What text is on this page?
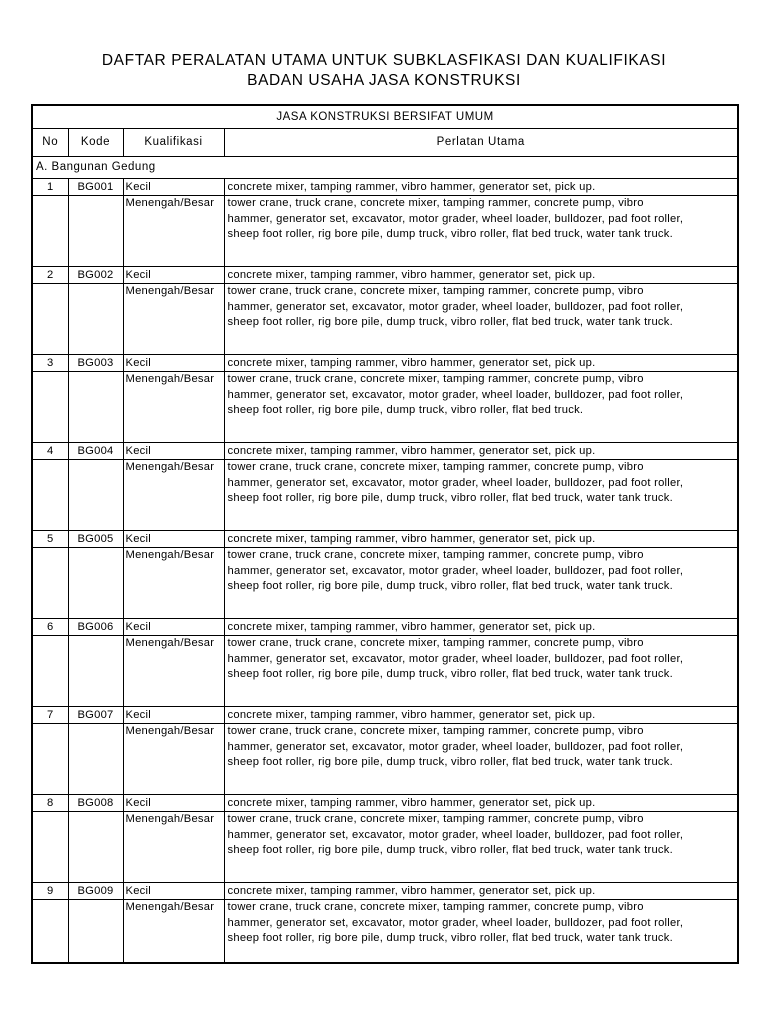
DAFTAR PERALATAN UTAMA UNTUK SUBKLASFIKASI DAN KUALIFIKASI
BADAN USAHA JASA KONSTRUKSI
JASA KONSTRUKSI BERSIFAT UMUM			
No	Kode	Kualifikasi	Perlatan Utama
A. Bangunan Gedung			
1	BG001	Kecil	concrete mixer, tamping rammer, vibro hammer, generator set, pick up.
		Menengah/Besar	tower crane, truck crane, concrete mixer, tamping rammer, concrete pump, vibro
hammer, generator set, excavator, motor grader, wheel loader, bulldozer, pad foot roller,
sheep foot roller, rig bore pile, dump truck, vibro roller, flat bed truck, water tank truck.

2	BG002	Kecil	concrete mixer, tamping rammer, vibro hammer, generator set, pick up.
		Menengah/Besar	tower crane, truck crane, concrete mixer, tamping rammer, concrete pump, vibro
hammer, generator set, excavator, motor grader, wheel loader, bulldozer, pad foot roller,
sheep foot roller, rig bore pile, dump truck, vibro roller, flat bed truck, water tank truck.

3	BG003	Kecil	concrete mixer, tamping rammer, vibro hammer, generator set, pick up.
		Menengah/Besar	tower crane, truck crane, concrete mixer, tamping rammer, concrete pump, vibro
hammer, generator set, excavator, motor grader, wheel loader, bulldozer, pad foot roller,
sheep foot roller, rig bore pile, dump truck, vibro roller, flat bed truck.

4	BG004	Kecil	concrete mixer, tamping rammer, vibro hammer, generator set, pick up.
		Menengah/Besar	tower crane, truck crane, concrete mixer, tamping rammer, concrete pump, vibro
hammer, generator set, excavator, motor grader, wheel loader, bulldozer, pad foot roller,
sheep foot roller, rig bore pile, dump truck, vibro roller, flat bed truck, water tank truck.

5	BG005	Kecil	concrete mixer, tamping rammer, vibro hammer, generator set, pick up.
		Menengah/Besar	tower crane, truck crane, concrete mixer, tamping rammer, concrete pump, vibro
hammer, generator set, excavator, motor grader, wheel loader, bulldozer, pad foot roller,
sheep foot roller, rig bore pile, dump truck, vibro roller, flat bed truck, water tank truck.

6	BG006	Kecil	concrete mixer, tamping rammer, vibro hammer, generator set, pick up.
		Menengah/Besar	tower crane, truck crane, concrete mixer, tamping rammer, concrete pump, vibro
hammer, generator set, excavator, motor grader, wheel loader, bulldozer, pad foot roller,
sheep foot roller, rig bore pile, dump truck, vibro roller, flat bed truck, water tank truck.

7	BG007	Kecil	concrete mixer, tamping rammer, vibro hammer, generator set, pick up.
		Menengah/Besar	tower crane, truck crane, concrete mixer, tamping rammer, concrete pump, vibro
hammer, generator set, excavator, motor grader, wheel loader, bulldozer, pad foot roller,
sheep foot roller, rig bore pile, dump truck, vibro roller, flat bed truck, water tank truck.

8	BG008	Kecil	concrete mixer, tamping rammer, vibro hammer, generator set, pick up.
		Menengah/Besar	tower crane, truck crane, concrete mixer, tamping rammer, concrete pump, vibro
hammer, generator set, excavator, motor grader, wheel loader, bulldozer, pad foot roller,
sheep foot roller, rig bore pile, dump truck, vibro roller, flat bed truck, water tank truck.

9	BG009	Kecil	concrete mixer, tamping rammer, vibro hammer, generator set, pick up.
		Menengah/Besar	tower crane, truck crane, concrete mixer, tamping rammer, concrete pump, vibro
hammer, generator set, excavator, motor grader, wheel loader, bulldozer, pad foot roller,
sheep foot roller, rig bore pile, dump truck, vibro roller, flat bed truck, water tank truck.
